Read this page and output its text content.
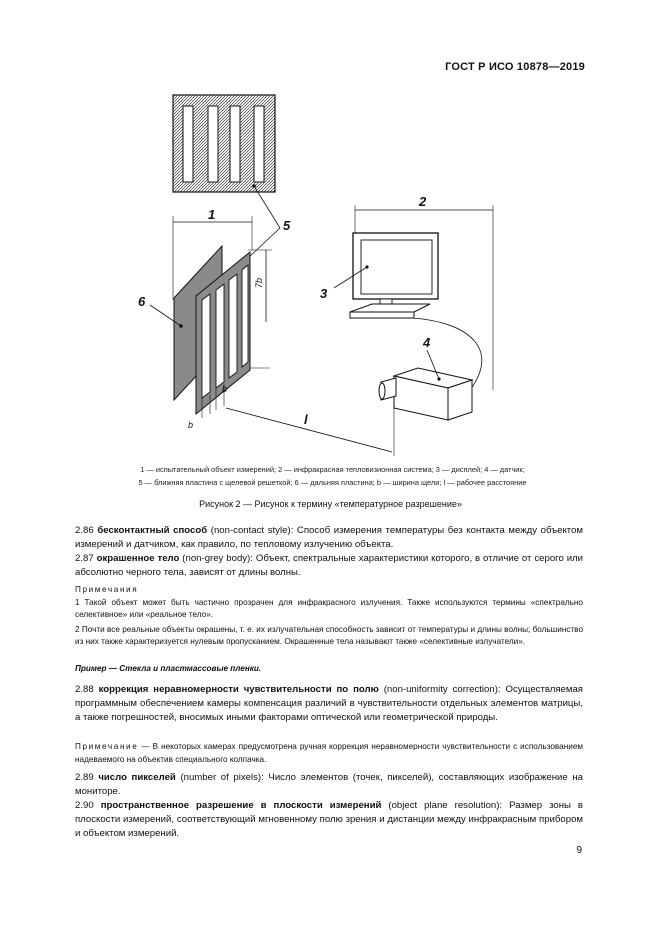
ГОСТ Р ИСО 10878—2019
5
1
6
7b
b
b
l
2
3
4
1 — испытательный объект измерений; 2 — инфракрасная тепловизионная система; 3 — дисплей; 4 — датчик;
5 — ближняя пластина с щелевой решеткой; 6 — дальняя пластина; b — ширина щели; l — рабочее расстояние
Рисунок 2 — Рисунок к термину «температурное разрешение»

2.86 бесконтактный способ (non-contact style): Способ измерения температуры без контакта между объектом измерений и датчиком, как правило, по тепловому излучению объекта.

2.87 окрашенное тело (non-grey body): Объект, спектральные характеристики которого, в отличие от серого или абсолютно черного тела, зависят от длины волны.

Примечания
1 Такой объект может быть частично прозрачен для инфракрасного излучения. Также используются термины «спектрально селективное» или «реальное тело».
2 Почти все реальные объекты окрашены, т. е. их излучательная способность зависит от температуры и длины волны; большинство из них также характеризуется нулевым пропусканием. Окрашенные тела называют также «селективные излучатели».
Пример — Стекла и пластмассовые пленки.

2.88 коррекция неравномерности чувствительности по полю (non-uniformity correction): Осуществляемая программным обеспечением камеры компенсация различий в чувствительности отдельных элементов матрицы, а также погрешностей, вносимых иными факторами оптической или геометрической природы.

Примечание — В некоторых камерах предусмотрена ручная коррекция неравномерности чувствительности с использованием надеваемого на объектив специального колпачка.

2.89 число пикселей (number of pixels): Число элементов (точек, пикселей), составляющих изображение на мониторе.

2.90 пространственное разрешение в плоскости измерений (object plane resolution): Размер зоны в плоскости измерений, соответствующий мгновенному полю зрения и дистанции между инфракрасным прибором и объектом измерений.

9
